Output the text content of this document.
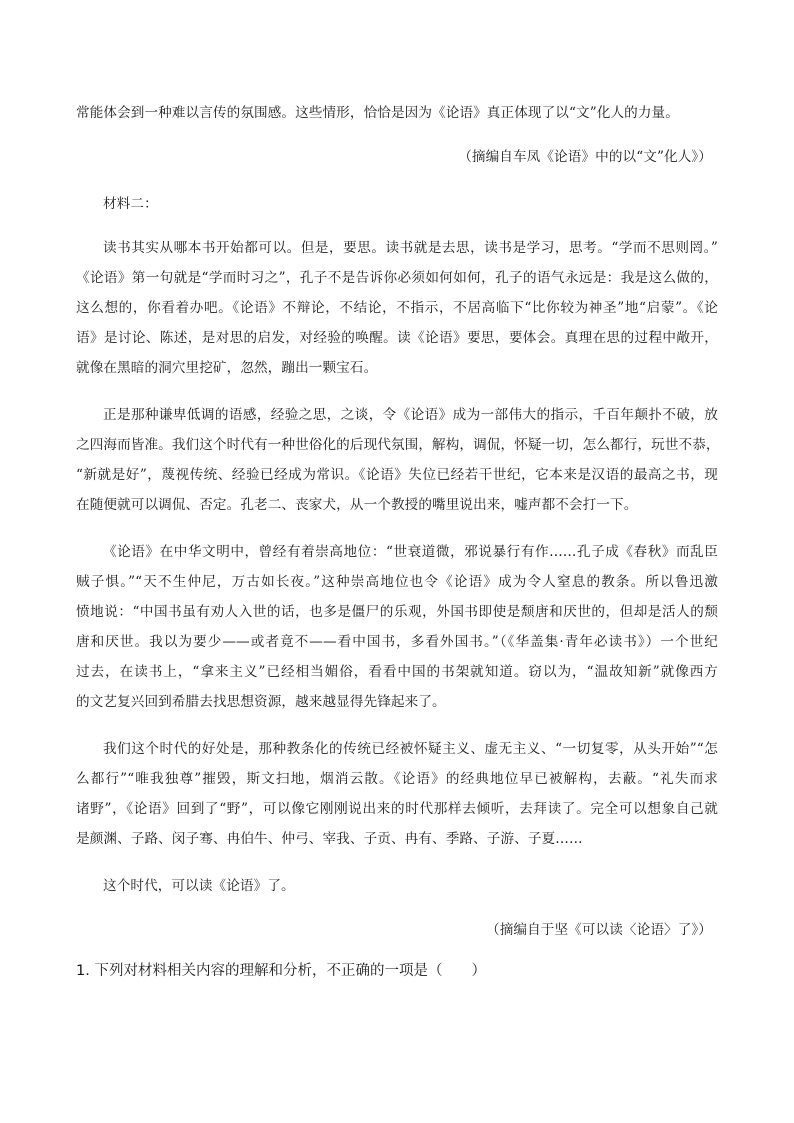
常能体会到一种难以言传的氛围感。这些情形，恰恰是因为《论语》真正体现了以“文”化人的力量。
（摘编自车凤《论语》中的以“文”化人》）
材料二：
读书其实从哪本书开始都可以。但是，要思。读书就是去思，读书是学习，思考。“学而不思则罔。”
《论语》第一句就是“学而时习之”，孔子不是告诉你必须如何如何，孔子的语气永远是：我是这么做的，
这么想的，你看着办吧。《论语》不辩论，不结论，不指示，不居高临下“比你较为神圣”地“启蒙”。《论
语》是讨论、陈述，是对思的启发，对经验的唤醒。读《论语》要思，要体会。真理在思的过程中敞开，
就像在黑暗的洞穴里挖矿，忽然，蹦出一颗宝石。
正是那种谦卑低调的语感，经验之思，之谈，令《论语》成为一部伟大的指示，千百年颠扑不破，放
之四海而皆准。我们这个时代有一种世俗化的后现代氛围，解构，调侃，怀疑一切，怎么都行，玩世不恭，
“新就是好”，蔑视传统、经验已经成为常识。《论语》失位已经若干世纪，它本来是汉语的最高之书，现
在随便就可以调侃、否定。孔老二、丧家犬，从一个教授的嘴里说出来，嘘声都不会打一下。
《论语》在中华文明中，曾经有着崇高地位：“世衰道微，邪说暴行有作……孔子成《春秋》而乱臣
贼子惧。”“天不生仲尼，万古如长夜。”这种崇高地位也令《论语》成为令人窒息的教条。所以鲁迅激
愤地说：“中国书虽有劝人入世的话，也多是僵尸的乐观，外国书即使是颓唐和厌世的，但却是活人的颓
唐和厌世。我以为要少——或者竟不——看中国书，多看外国书。”（《华盖集·青年必读书》）一个世纪
过去，在读书上，“拿来主义”已经相当媚俗，看看中国的书架就知道。窃以为，“温故知新”就像西方
的文艺复兴回到希腊去找思想资源，越来越显得先锋起来了。
我们这个时代的好处是，那种教条化的传统已经被怀疑主义、虚无主义、“一切复零，从头开始”“怎
么都行”“唯我独尊”摧毁，斯文扫地，烟消云散。《论语》的经典地位早已被解构，去蔽。“礼失而求
诸野”，《论语》回到了“野”，可以像它刚刚说出来的时代那样去倾听，去拜读了。完全可以想象自己就
是颜渊、子路、闵子骞、冉伯牛、仲弓、宰我、子贡、冉有、季路、子游、子夏……
这个时代，可以读《论语》了。
（摘编自于坚《可以读〈论语〉了》）
1. 下列对材料相关内容的理解和分析，不正确的一项是（　　）
